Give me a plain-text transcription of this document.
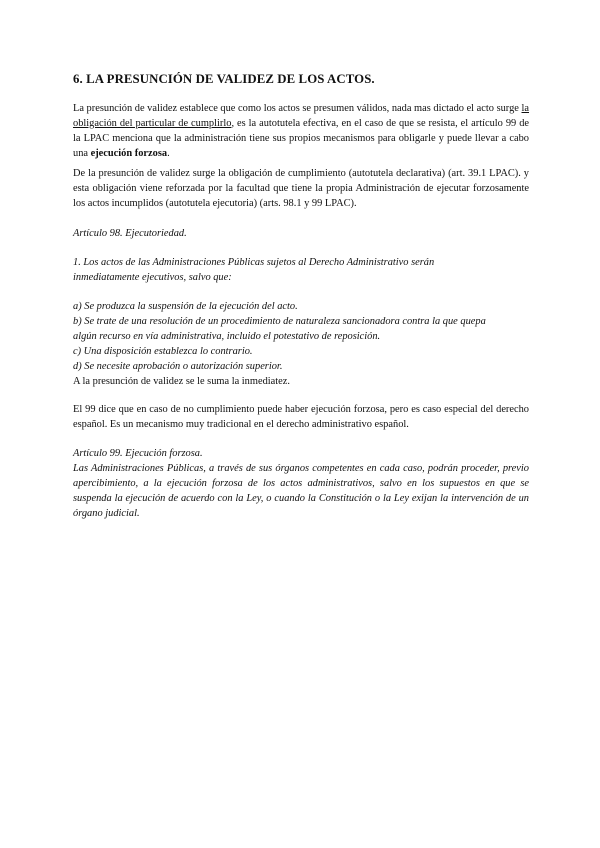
6. LA PRESUNCIÓN DE VALIDEZ DE LOS ACTOS.

La presunción de validez establece que como los actos se presumen válidos, nada mas dictado el acto surge la obligación del particular de cumplirlo, es la autotutela efectiva, en el caso de que se resista, el artículo 99 de la LPAC menciona que la administración tiene sus propios mecanismos para obligarle y puede llevar a cabo una ejecución forzosa.

De la presunción de validez surge la obligación de cumplimiento (autotutela declarativa) (art. 39.1 LPAC). y esta obligación viene reforzada por la facultad que tiene la propia Administración de ejecutar forzosamente los actos incumplidos (autotutela ejecutoria) (arts. 98.1 y 99 LPAC).

Artículo 98. Ejecutoriedad.

1. Los actos de las Administraciones Públicas sujetos al Derecho Administrativo serán
inmediatamente ejecutivos, salvo que:
a) Se produzca la suspensión de la ejecución del acto.
b) Se trate de una resolución de un procedimiento de naturaleza sancionadora contra la que quepa
algún recurso en vía administrativa, incluido el potestativo de reposición.
c) Una disposición establezca lo contrario.
d) Se necesite aprobación o autorización superior.
A la presunción de validez se le suma la inmediatez.

El 99 dice que en caso de no cumplimiento puede haber ejecución forzosa, pero es caso especial del derecho español. Es un mecanismo muy tradicional en el derecho administrativo español.

Artículo 99. Ejecución forzosa.

Las Administraciones Públicas, a través de sus órganos competentes en cada caso, podrán proceder, previo apercibimiento, a la ejecución forzosa de los actos administrativos, salvo en los supuestos en que se suspenda la ejecución de acuerdo con la Ley, o cuando la Constitución o la Ley exijan la intervención de un órgano judicial.
